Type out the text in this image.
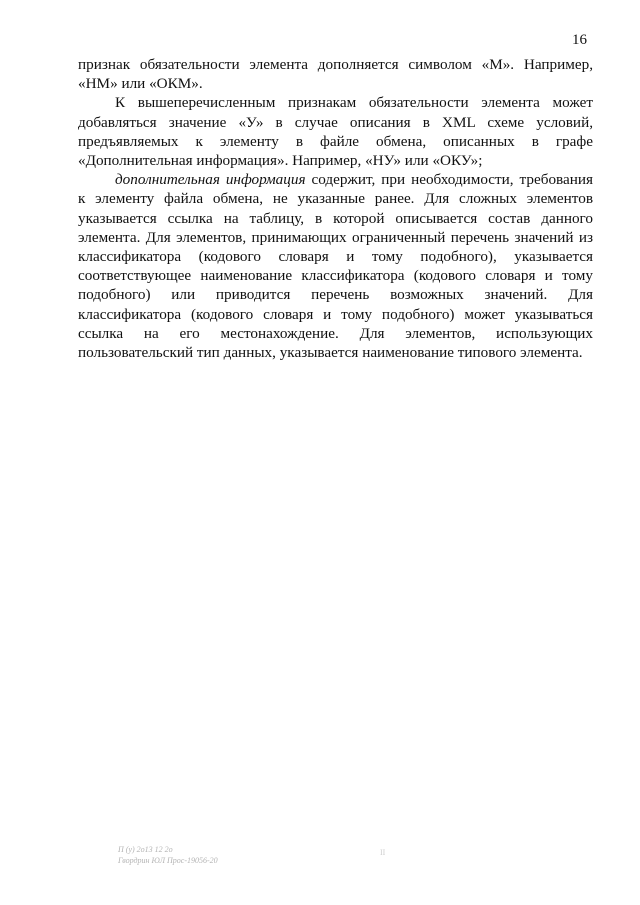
16

признак обязательности элемента дополняется символом «М». Например, «НМ» или «ОКМ».

К вышеперечисленным признакам обязательности элемента может добавляться значение «У» в случае описания в XML схеме условий, предъявляемых к элементу в файле обмена, описанных в графе «Дополнительная информация». Например, «НУ» или «ОКУ»;

дополнительная информация содержит, при необходимости, требования к элементу файла обмена, не указанные ранее. Для сложных элементов указывается ссылка на таблицу, в которой описывается состав данного элемента. Для элементов, принимающих ограниченный перечень значений из классификатора (кодового словаря и тому подобного), указывается соответствующее наименование классификатора (кодового словаря и тому подобного) или приводится перечень возможных значений. Для классификатора (кодового словаря и тому подобного) может указываться ссылка на его местонахождение. Для элементов, использующих пользовательский тип данных, указывается наименование типового элемента.

II
П (у) 2о13 12 2о
Гвордрин ЮЛ Прос-19056-20
